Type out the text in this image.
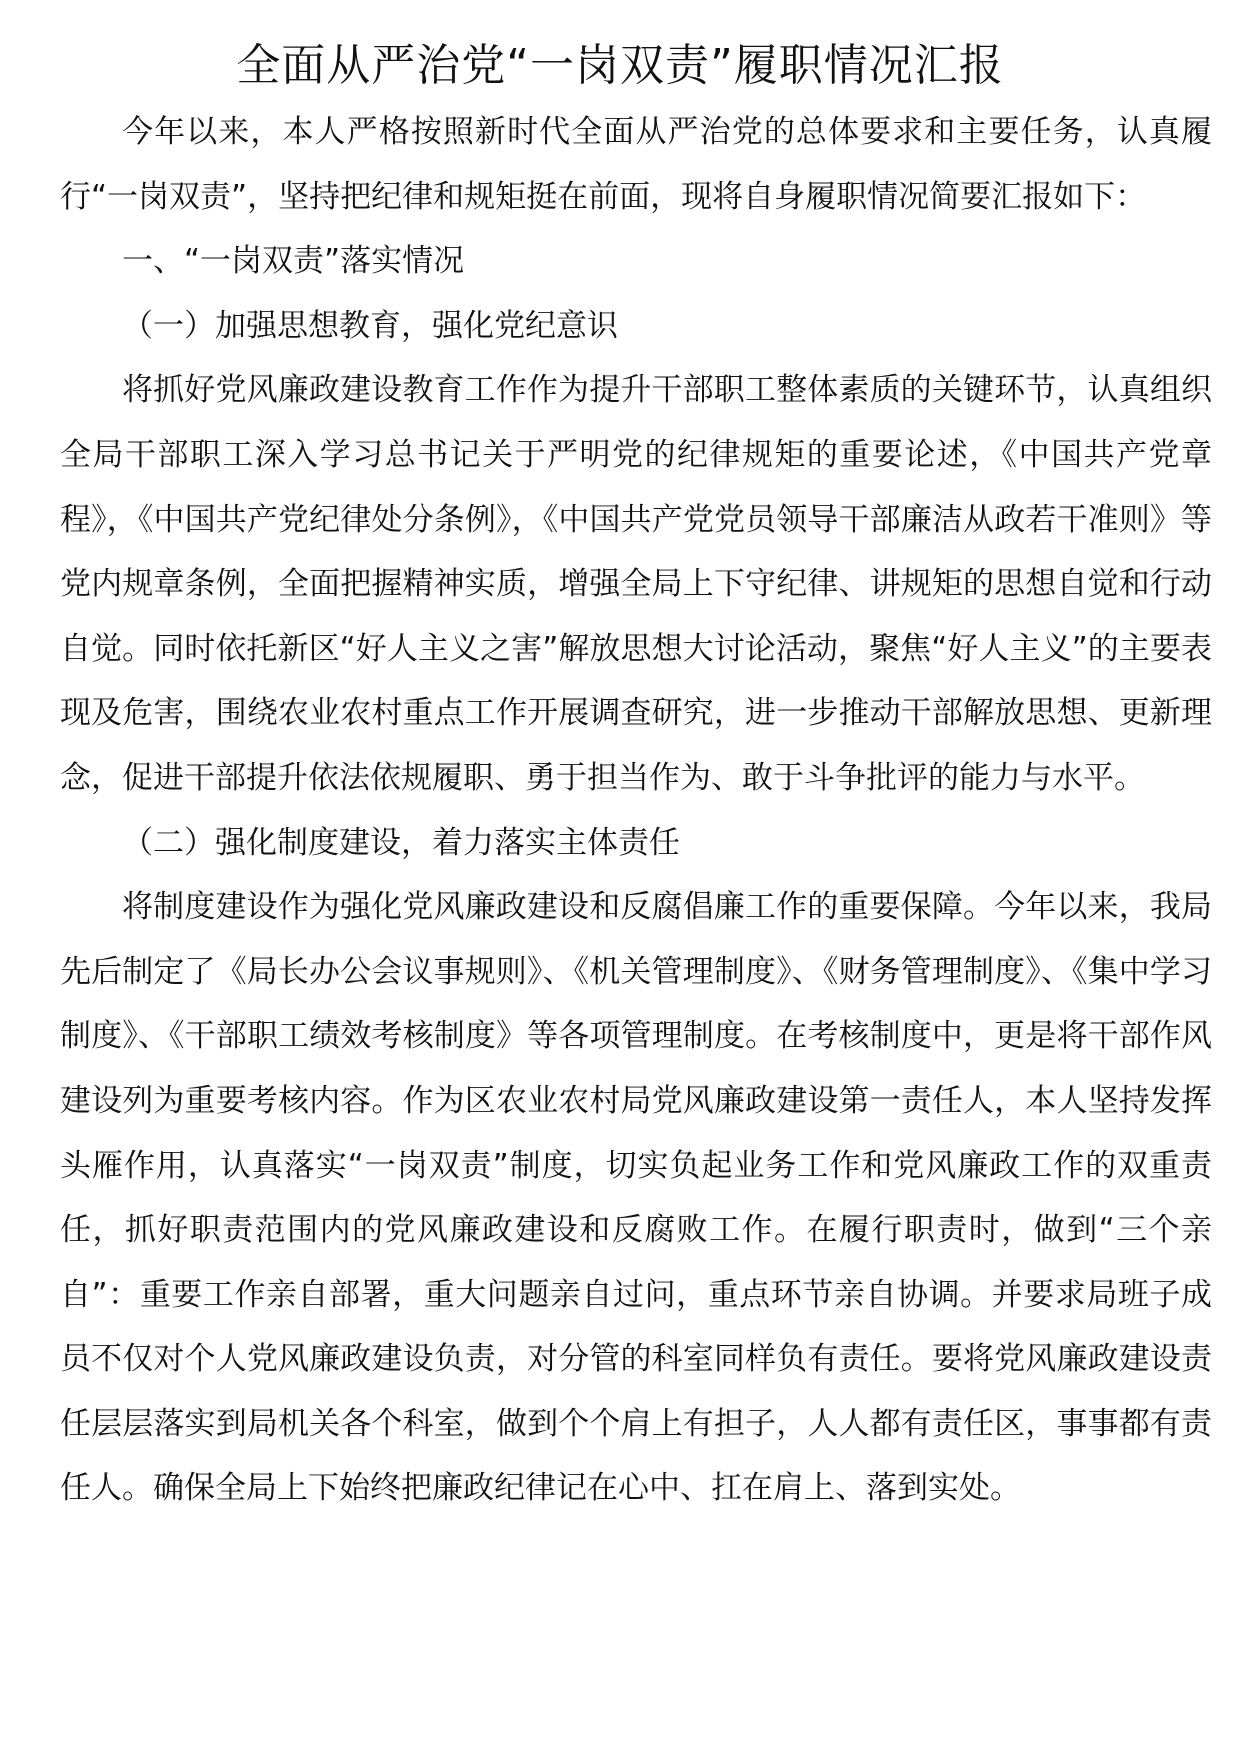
全面从严治党“一岗双责”履职情况汇报

今年以来，本人严格按照新时代全面从严治党的总体要求和主要任务，认真履行“一岗双责”，坚持把纪律和规矩挺在前面，现将自身履职情况简要汇报如下：

一、“一岗双责”落实情况

（一）加强思想教育，强化党纪意识

将抓好党风廉政建设教育工作作为提升干部职工整体素质的关键环节，认真组织全局干部职工深入学习总书记关于严明党的纪律规矩的重要论述，《中国共产党章程》，《中国共产党纪律处分条例》，《中国共产党党员领导干部廉洁从政若干准则》等党内规章条例，全面把握精神实质，增强全局上下守纪律、讲规矩的思想自觉和行动自觉。同时依托新区“好人主义之害”解放思想大讨论活动，聚焦“好人主义”的主要表现及危害，围绕农业农村重点工作开展调查研究，进一步推动干部解放思想、更新理念，促进干部提升依法依规履职、勇于担当作为、敢于斗争批评的能力与水平。

（二）强化制度建设，着力落实主体责任

将制度建设作为强化党风廉政建设和反腐倡廉工作的重要保障。今年以来，我局先后制定了《局长办公会议事规则》、《机关管理制度》、《财务管理制度》、《集中学习制度》、《干部职工绩效考核制度》等各项管理制度。在考核制度中，更是将干部作风建设列为重要考核内容。作为区农业农村局党风廉政建设第一责任人，本人坚持发挥头雁作用，认真落实“一岗双责”制度，切实负起业务工作和党风廉政工作的双重责任，抓好职责范围内的党风廉政建设和反腐败工作。在履行职责时，做到“三个亲自”：重要工作亲自部署，重大问题亲自过问，重点环节亲自协调。并要求局班子成员不仅对个人党风廉政建设负责，对分管的科室同样负有责任。要将党风廉政建设责任层层落实到局机关各个科室，做到个个肩上有担子，人人都有责任区，事事都有责任人。确保全局上下始终把廉政纪律记在心中、扛在肩上、落到实处。
